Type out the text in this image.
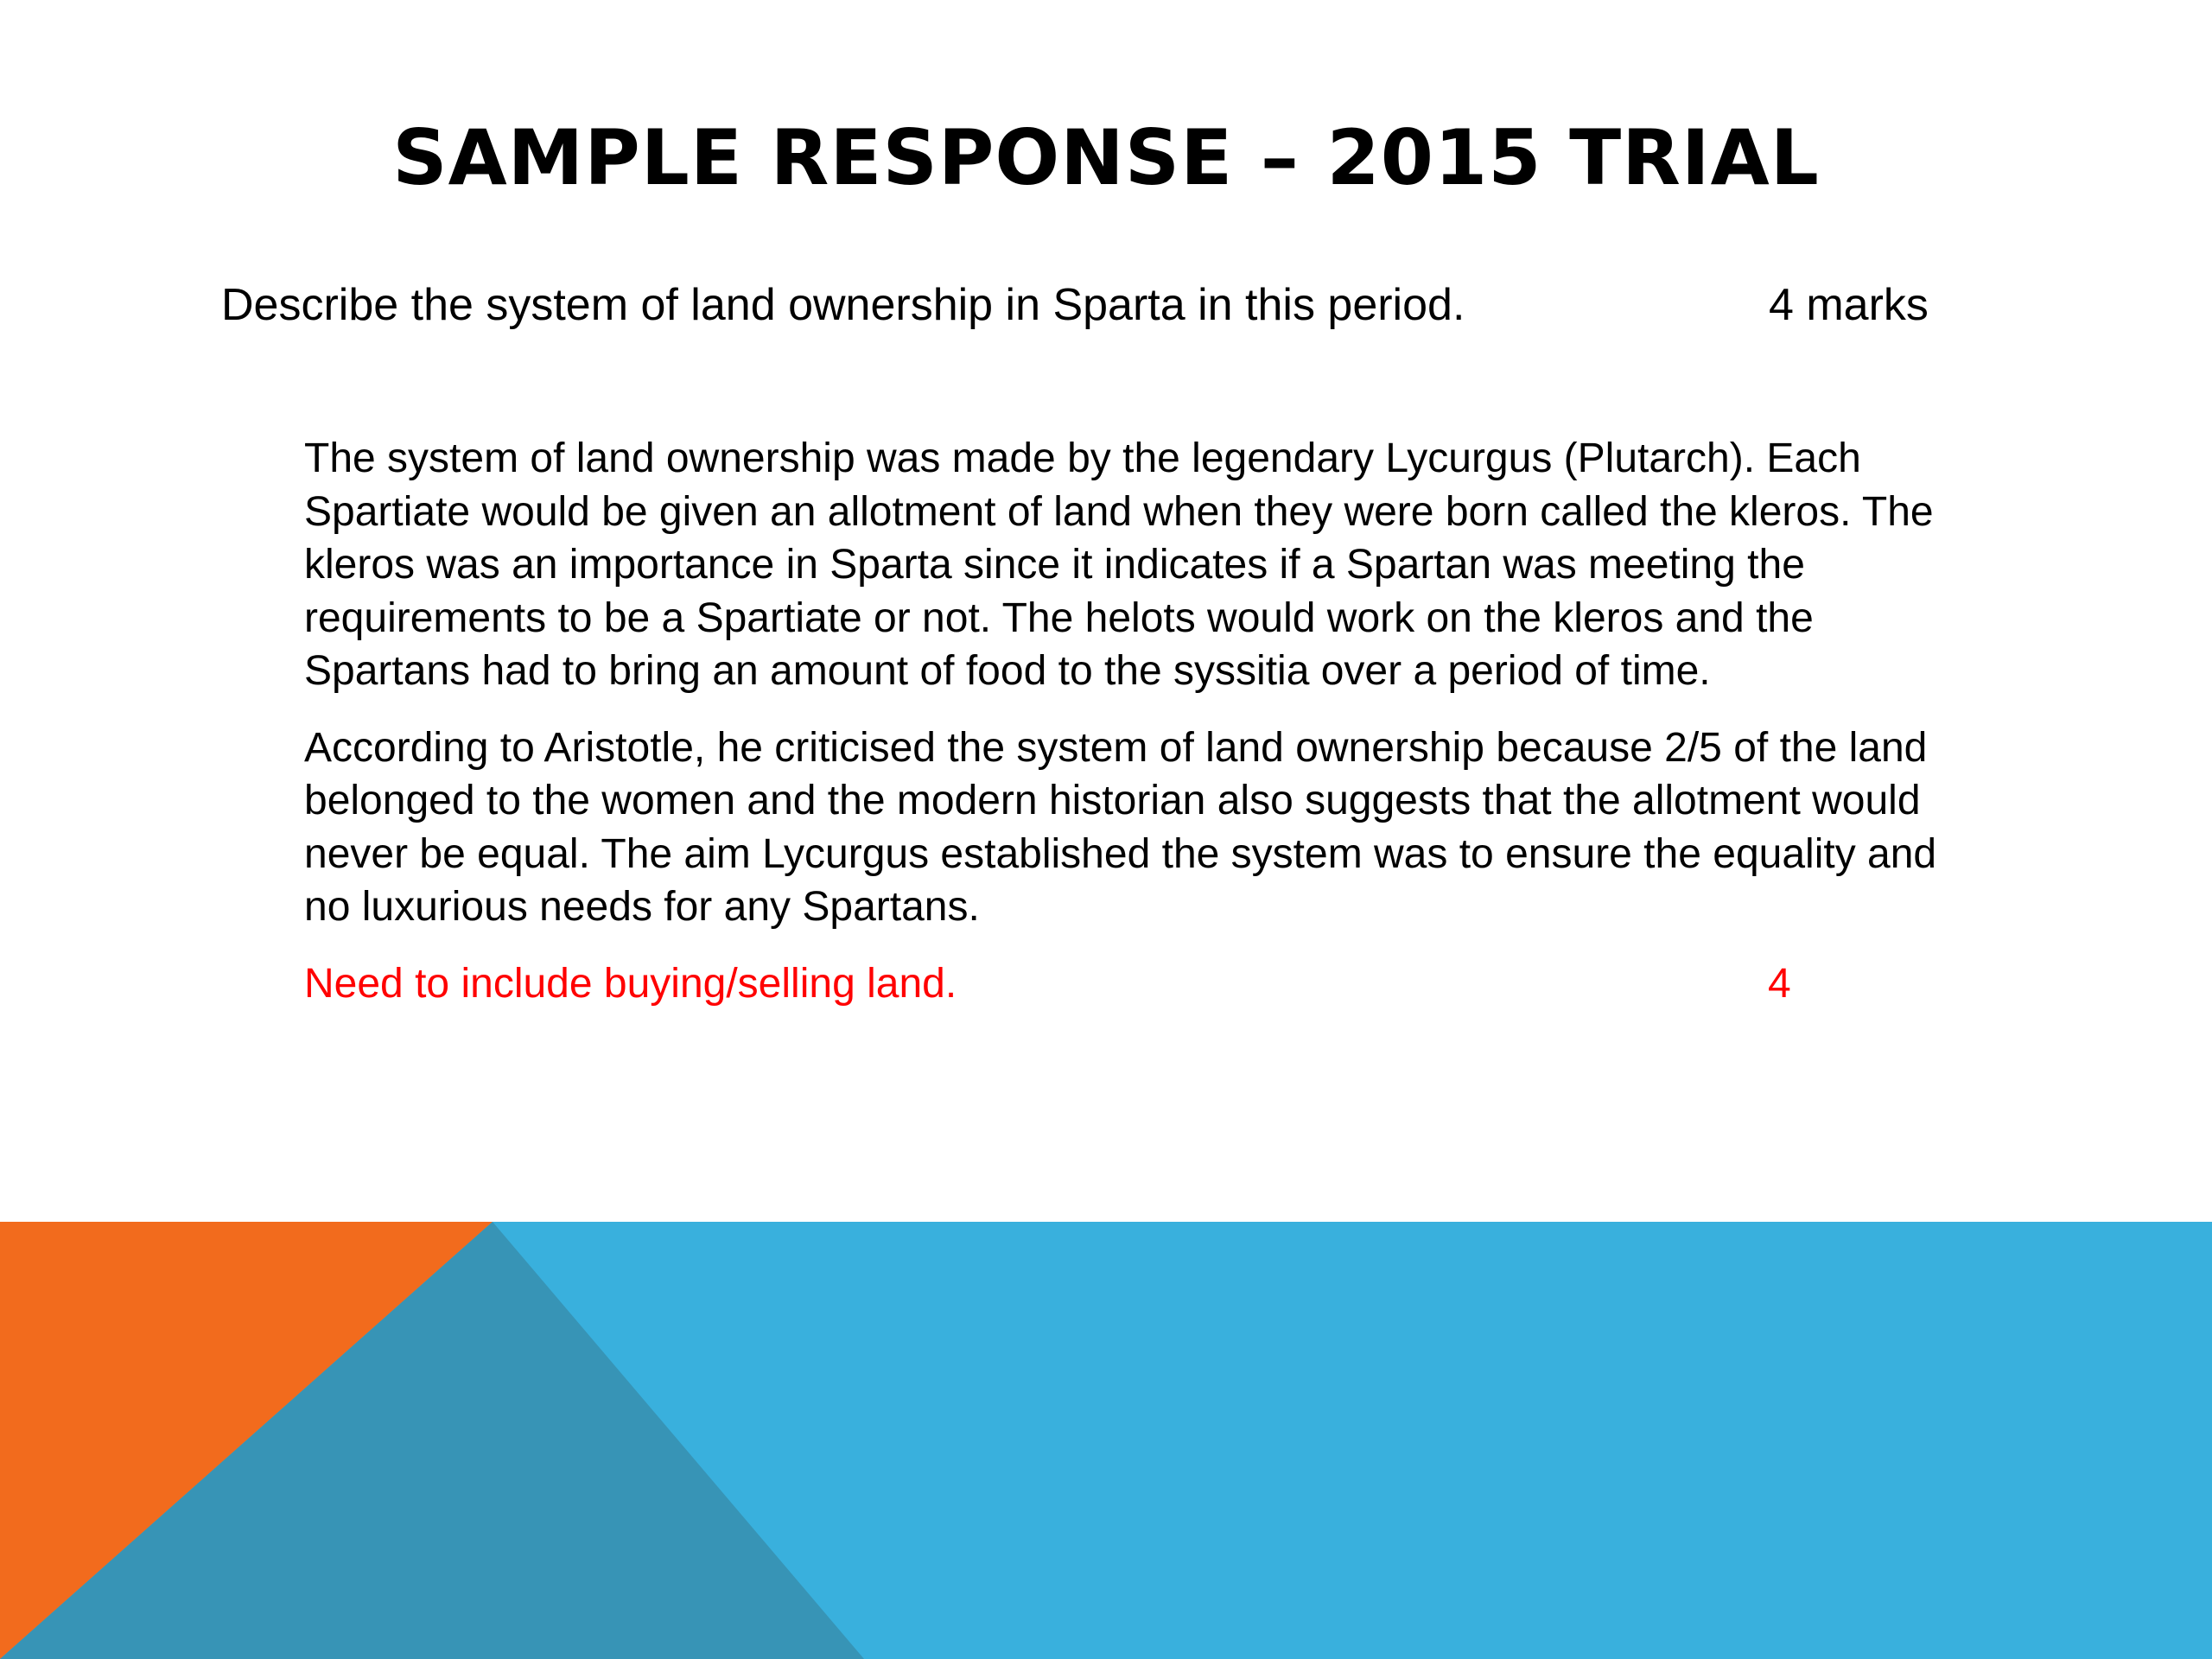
SAMPLE RESPONSE – 2015 TRIAL
Describe the system of land ownership in Sparta in this period.	4 marks

The system of land ownership was made by the legendary Lycurgus (Plutarch). Each Spartiate would be given an allotment of land when they were born called the kleros. The kleros was an importance in Sparta since it indicates if a Spartan was meeting the requirements to be a Spartiate or not. The helots would work on the kleros and the Spartans had to bring an amount of food to the syssitia over a period of time.

According to Aristotle, he criticised the system of land ownership because 2/5 of the land belonged to the women and the modern historian also suggests that the allotment would never be equal. The aim Lycurgus established the system was to ensure the equality and no luxurious needs for any Spartans.

Need to include buying/selling land.	4
